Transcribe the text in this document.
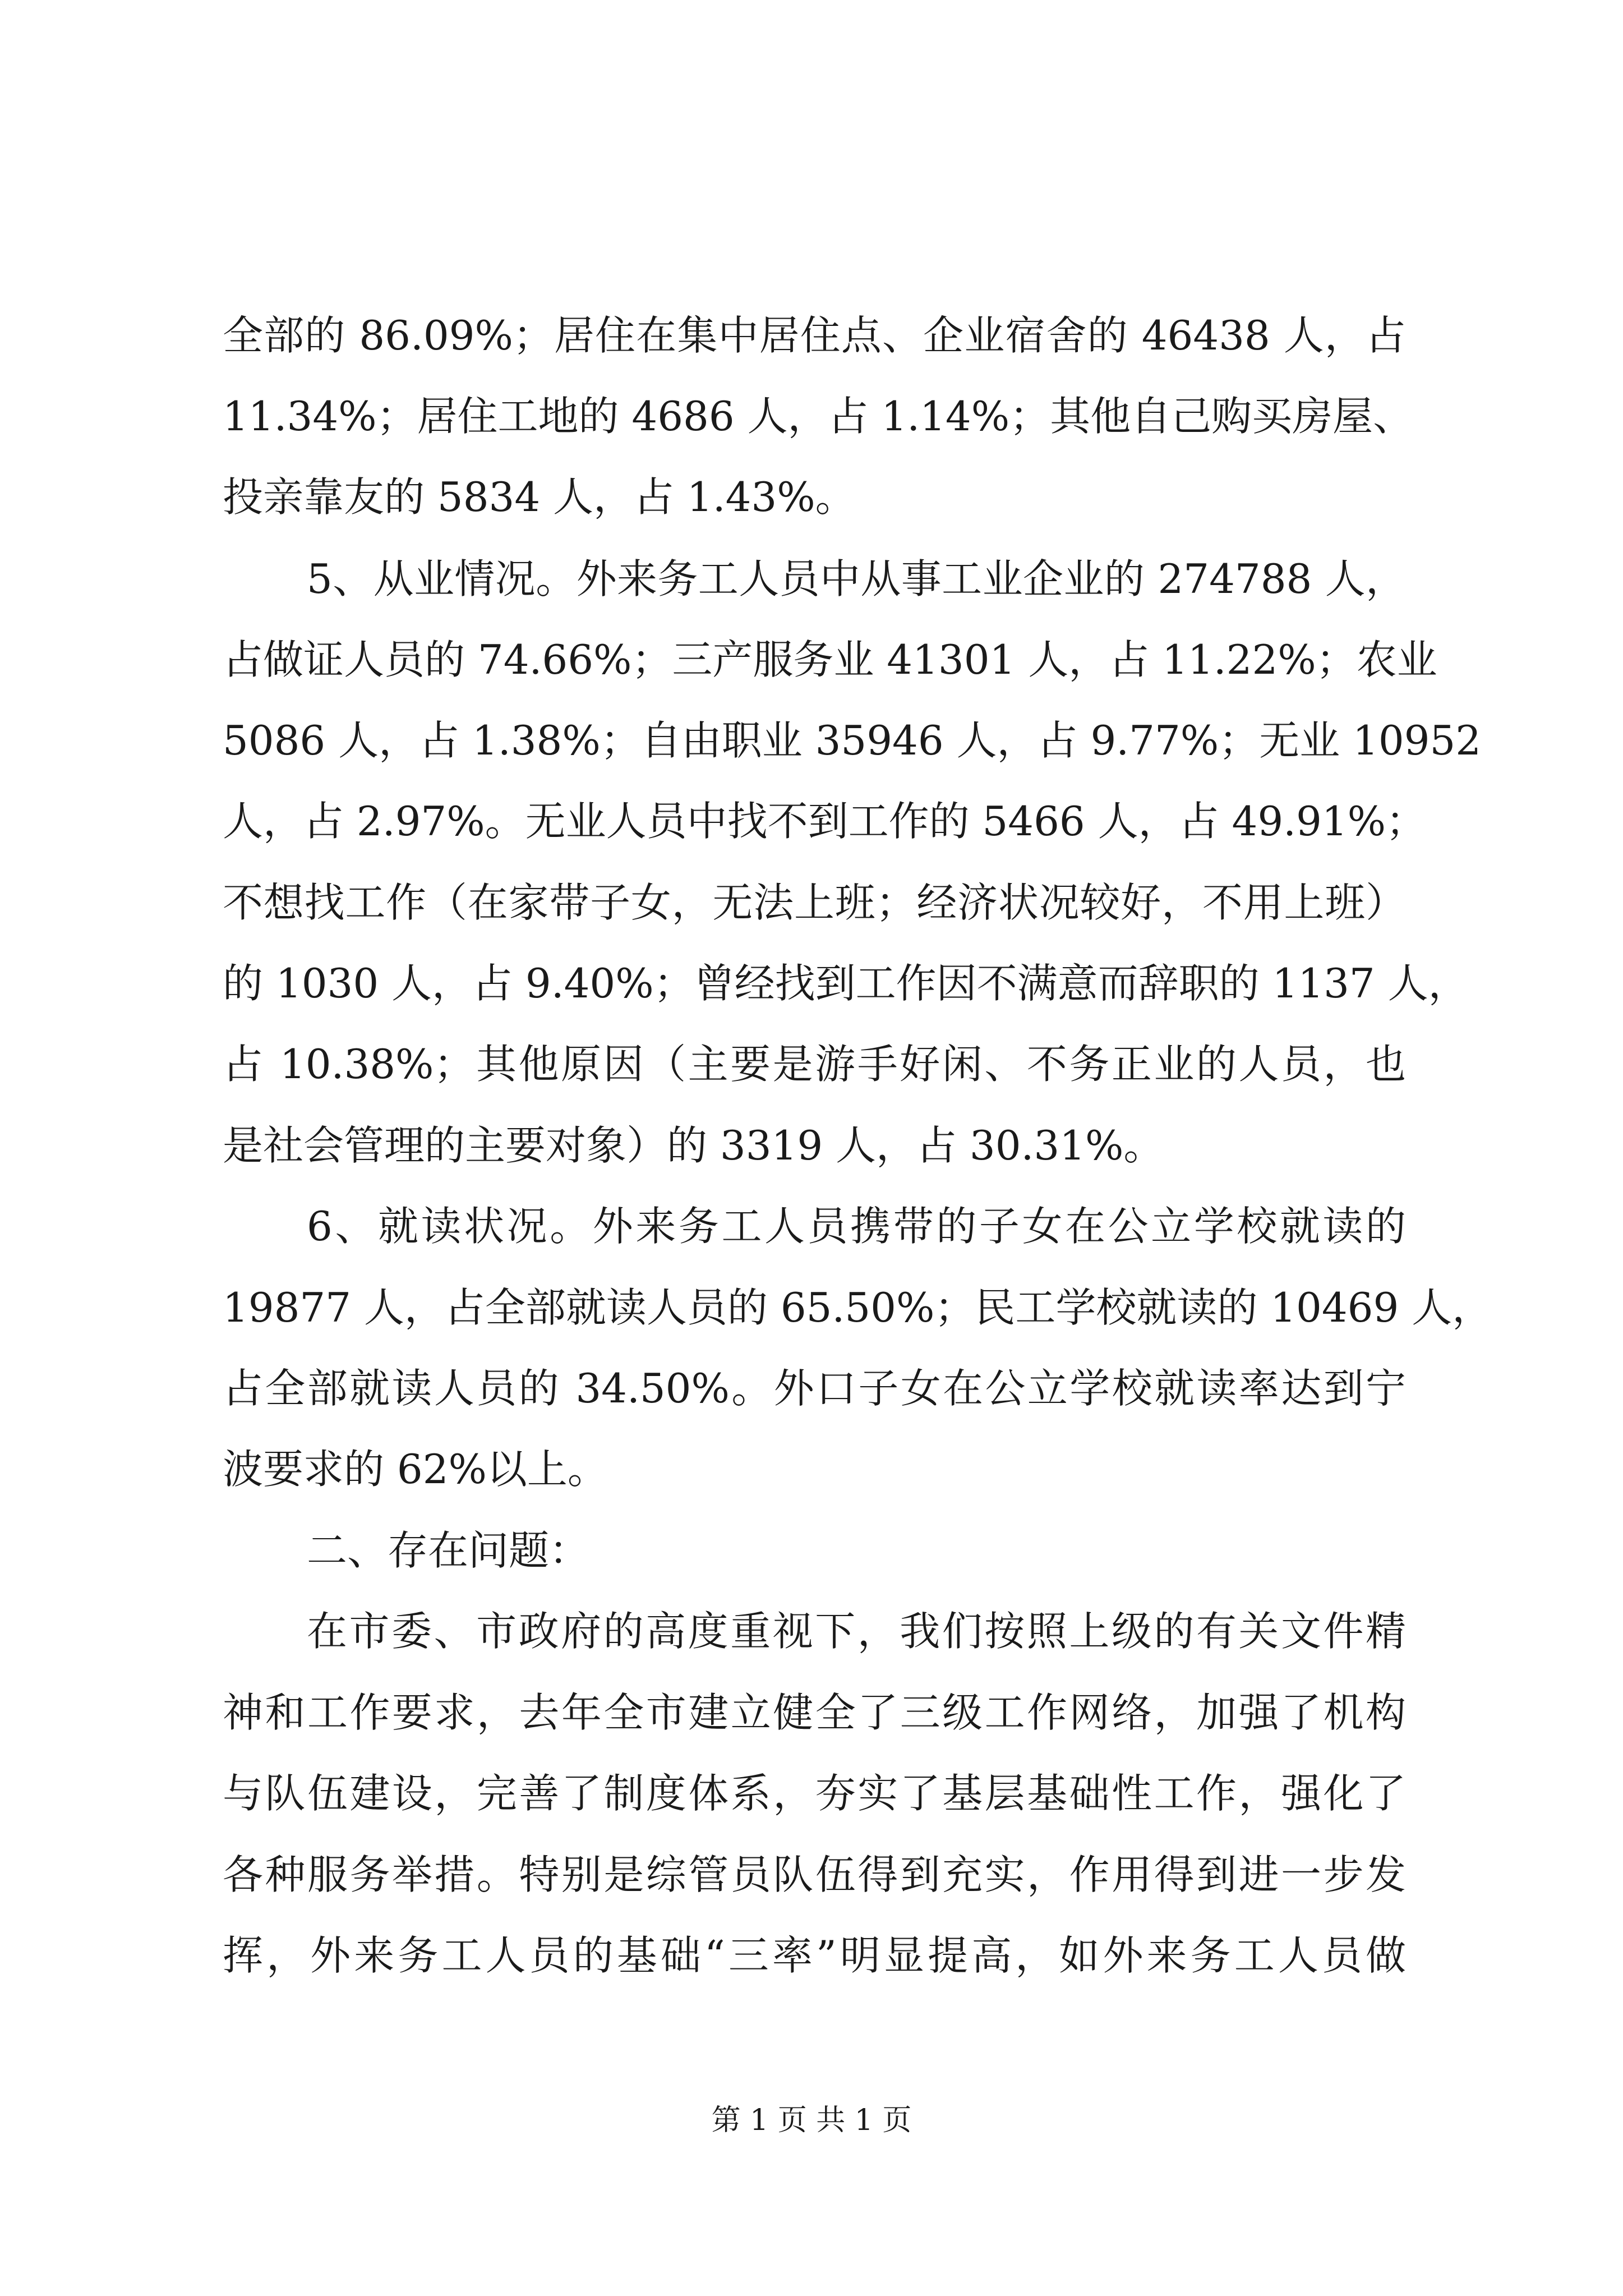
全部的 86.09%；居住在集中居住点、企业宿舍的 46438 人，占
11.34%；居住工地的 4686 人，占 1.14%；其他自己购买房屋、
投亲靠友的 5834 人，占 1.43%。
5、从业情况。外来务工人员中从事工业企业的 274788 人，
占做证人员的 74.66%；三产服务业 41301 人，占 11.22%；农业
5086 人，占 1.38%；自由职业 35946 人，占 9.77%；无业 10952
人，占 2.97%。无业人员中找不到工作的 5466 人，占 49.91%；
不想找工作（在家带子女，无法上班；经济状况较好，不用上班）
的 1030 人，占 9.40%；曾经找到工作因不满意而辞职的 1137 人，
占 10.38%；其他原因（主要是游手好闲、不务正业的人员，也
是社会管理的主要对象）的 3319 人，占 30.31%。
6、就读状况。外来务工人员携带的子女在公立学校就读的
19877 人，占全部就读人员的 65.50%；民工学校就读的 10469 人，
占全部就读人员的 34.50%。外口子女在公立学校就读率达到宁
波要求的 62%以上。
二、存在问题：
在市委、市政府的高度重视下，我们按照上级的有关文件精
神和工作要求，去年全市建立健全了三级工作网络，加强了机构
与队伍建设，完善了制度体系，夯实了基层基础性工作，强化了
各种服务举措。特别是综管员队伍得到充实，作用得到进一步发
挥，外来务工人员的基础“三率”明显提高，如外来务工人员做
第 1 页 共 1 页
